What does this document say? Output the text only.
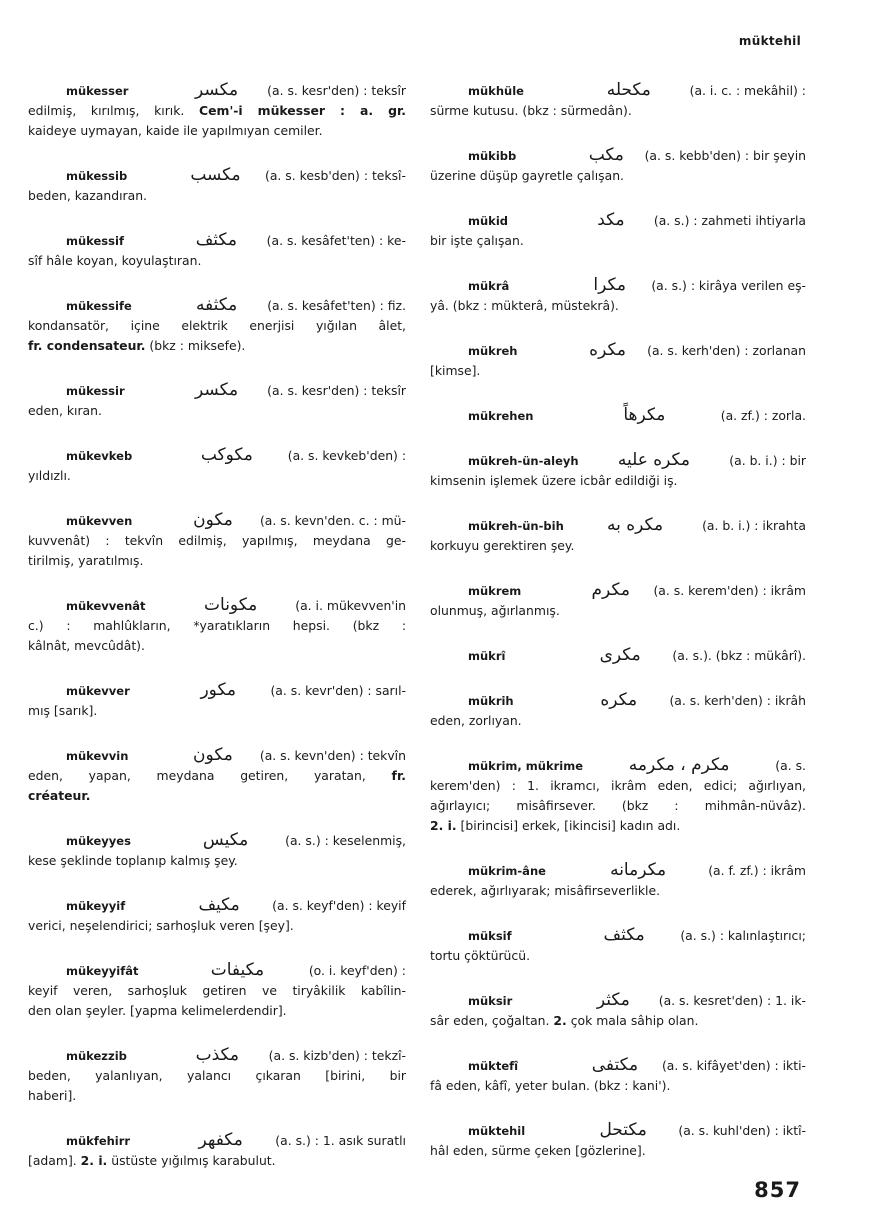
müktehil
mükesser	مكسر	(a. s. kesr'den) : teksîr
edilmiş, kırılmış, kırık. Cem'-i mükesser : a. gr.
kaideye uymayan, kaide ile yapılmıyan cemiler.
mükessib	مكسب	(a. s. kesb'den) : teksî-
beden, kazandıran.
mükessif	مكثف	(a. s. kesâfet'ten) : ke-
sîf hâle koyan, koyulaştıran.
mükessife	مكثفه	(a. s. kesâfet'ten) : fiz.
kondansatör, içine elektrik enerjisi yığılan âlet,
fr. condensateur. (bkz : miksefe).
mükessir	مكسر	(a. s. kesr'den) : teksîr
eden, kıran.
mükevkeb	مكوكب	(a. s. kevkeb'den) :
yıldızlı.
mükevven	مكون	(a. s. kevn'den. c. : mü-
kuvvenât) : tekvîn edilmiş, yapılmış, meydana ge-
tirilmiş, yaratılmış.
mükevvenât	مكونات	(a. i. mükevven'in
c.) : mahlûkların, *yaratıkların hepsi. (bkz :
kâlnât, mevcûdât).
mükevver	مكور	(a. s. kevr'den) : sarıl-
mış [sarık].
mükevvin	مكون	(a. s. kevn'den) : tekvîn
eden, yapan, meydana getiren, yaratan, fr.
créateur.
mükeyyes	مكيس	(a. s.) : keselenmiş,
kese şeklinde toplanıp kalmış şey.
mükeyyif	مكيف	(a. s. keyf'den) : keyif
verici, neşelendirici; sarhoşluk veren [şey].
mükeyyifât	مكيفات	(o. i. keyf'den) :
keyif veren, sarhoşluk getiren ve tiryâkilik kabîlin-
den olan şeyler. [yapma kelimelerdendir].
mükezzib	مكذب	(a. s. kizb'den) : tekzî-
beden, yalanlıyan, yalancı çıkaran [birini, bir
haberi].
mükfehirr	مكفهر	(a. s.) : 1. asık suratlı
[adam]. 2. i. üstüste yığılmış karabulut.
mükhüle	مكحله	(a. i. c. : mekâhil) :
sürme kutusu. (bkz : sürmedân).
mükibb	مكب	(a. s. kebb'den) : bir şeyin
üzerine düşüp gayretle çalışan.
mükid	مكد	(a. s.) : zahmeti ihtiyarla
bir işte çalışan.
mükrâ	مكرا	(a. s.) : kirâya verilen eş-
yâ. (bkz : mükterâ, müstekrâ).
mükreh	مكره	(a. s. kerh'den) : zorlanan
[kimse].
mükrehen	مكرهاً	(a. zf.) : zorla.
mükreh-ün-aleyh مكره عليه	(a. b. i.) : bir
kimsenin işlemek üzere icbâr edildiği iş.
mükreh-ün-bih	مكره به	(a. b. i.) : ikrahta
korkuyu gerektiren şey.
mükrem	مكرم	(a. s. kerem'den) : ikrâm
olunmuş, ağırlanmış.
mükrî	مكرى	(a. s.). (bkz : mükârî).
mükrih	مكره	(a. s. kerh'den) : ikrâh
eden, zorlıyan.
mükrim, mükrime	مكرم ، مكرمه	(a. s.
kerem'den) : 1. ikramcı, ikrâm eden, edici; ağırlıyan,
ağırlayıcı; misâfirsever. (bkz : mihmân-nüvâz).
2. i. [birincisi] erkek, [ikincisi] kadın adı.
mükrim-âne	مكرمانه	(a. f. zf.) : ikrâm
ederek, ağırlıyarak; misâfirseverlikle.
müksif	مكثف	(a. s.) : kalınlaştırıcı;
tortu çöktürücü.
müksir	مكثر	(a. s. kesret'den) : 1. ik-
sâr eden, çoğaltan. 2. çok mala sâhip olan.
müktefî	مكتفى	(a. s. kifâyet'den) : ikti-
fâ eden, kâfî, yeter bulan. (bkz : kani').
müktehil	مكتحل	(a. s. kuhl'den) : iktî-
hâl eden, sürme çeken [gözlerine].
857
